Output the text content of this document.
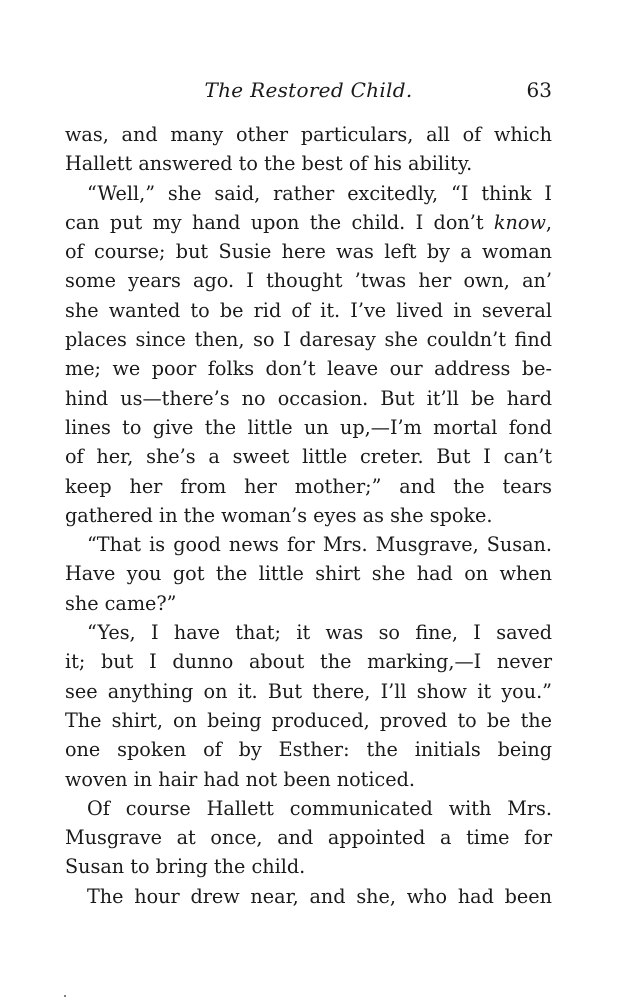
The Restored Child.	63
was, and many other particulars, all of which
Hallett answered to the best of his ability.
“Well,” she said, rather excitedly, “I think I
can put my hand upon the child. I don’t know,
of course; but Susie here was left by a woman
some years ago. I thought ’twas her own, an’
she wanted to be rid of it. I’ve lived in several
places since then, so I daresay she couldn’t find
me; we poor folks don’t leave our address be-
hind us—there’s no occasion. But it’ll be hard
lines to give the little un up,—I’m mortal fond
of her, she’s a sweet little creter. But I can’t
keep her from her mother;” and the tears
gathered in the woman’s eyes as she spoke.
“That is good news for Mrs. Musgrave, Susan.
Have you got the little shirt she had on when
she came?”
“Yes, I have that; it was so fine, I saved
it; but I dunno about the marking,—I never
see anything on it. But there, I’ll show it you.”
The shirt, on being produced, proved to be the
one spoken of by Esther: the initials being
woven in hair had not been noticed.
Of course Hallett communicated with Mrs.
Musgrave at once, and appointed a time for
Susan to bring the child.
The hour drew near, and she, who had been
